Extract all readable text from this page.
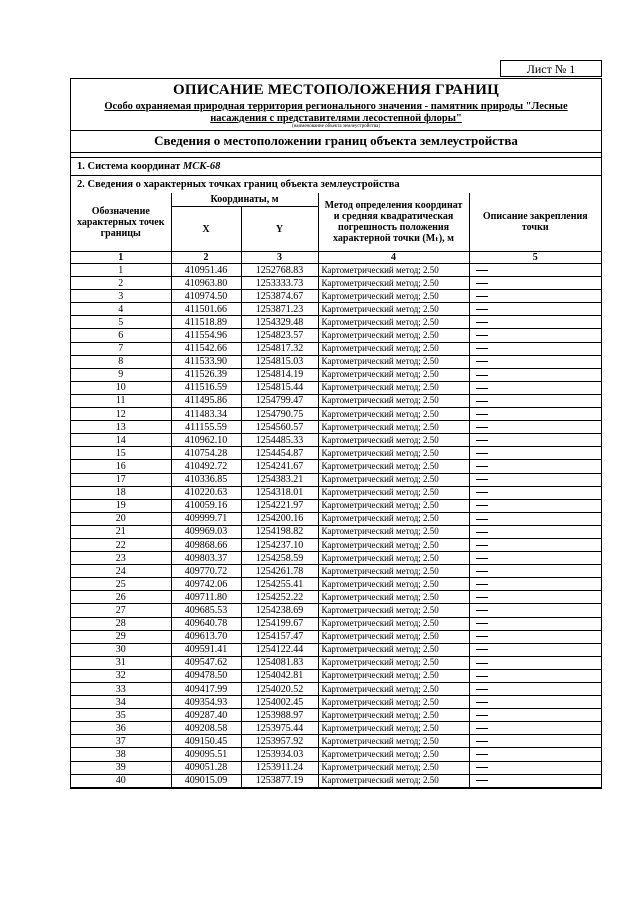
Лист № 1
ОПИСАНИЕ МЕСТОПОЛОЖЕНИЯ ГРАНИЦ
Особо охраняемая природная территория регионального значения - памятник природы "Лесные насаждения с представителями лесостепной флоры"
(наименование объекта землеустройства)
Сведения о местоположении границ объекта землеустройства
1. Система координат МСК-68
2. Сведения о характерных точках границ объекта землеустройства
Обозначение характерных точек границы	Координаты, м		Метод определения координат и средняя квадратическая погрешность положения характерной точки (Mₜ), м	Описание закрепления точки
	X	Y		
1	2	3	4	5
1	410951.46	1252768.83	Картометрический метод; 2.50	
2	410963.80	1253333.73	Картометрический метод; 2.50	
3	410974.50	1253874.67	Картометрический метод; 2.50	
4	411501.66	1253871.23	Картометрический метод; 2.50	
5	411518.89	1254329.48	Картометрический метод; 2.50	
6	411554.96	1254823.57	Картометрический метод; 2.50	
7	411542.66	1254817.32	Картометрический метод; 2.50	
8	411533.90	1254815.03	Картометрический метод; 2.50	
9	411526.39	1254814.19	Картометрический метод; 2.50	
10	411516.59	1254815.44	Картометрический метод; 2.50	
11	411495.86	1254799.47	Картометрический метод; 2.50	
12	411483.34	1254790.75	Картометрический метод; 2.50	
13	411155.59	1254560.57	Картометрический метод; 2.50	
14	410962.10	1254485.33	Картометрический метод; 2.50	
15	410754.28	1254454.87	Картометрический метод; 2.50	
16	410492.72	1254241.67	Картометрический метод; 2.50	
17	410336.85	1254383.21	Картометрический метод; 2.50	
18	410220.63	1254318.01	Картометрический метод; 2.50	
19	410059.16	1254221.97	Картометрический метод; 2.50	
20	409999.71	1254200.16	Картометрический метод; 2.50	
21	409969.03	1254198.82	Картометрический метод; 2.50	
22	409868.66	1254237.10	Картометрический метод; 2.50	
23	409803.37	1254258.59	Картометрический метод; 2.50	
24	409770.72	1254261.78	Картометрический метод; 2.50	
25	409742.06	1254255.41	Картометрический метод; 2.50	
26	409711.80	1254252.22	Картометрический метод; 2.50	
27	409685.53	1254238.69	Картометрический метод; 2.50	
28	409640.78	1254199.67	Картометрический метод; 2.50	
29	409613.70	1254157.47	Картометрический метод; 2.50	
30	409591.41	1254122.44	Картометрический метод; 2.50	
31	409547.62	1254081.83	Картометрический метод; 2.50	
32	409478.50	1254042.81	Картометрический метод; 2.50	
33	409417.99	1254020.52	Картометрический метод; 2.50	
34	409354.93	1254002.45	Картометрический метод; 2.50	
35	409287.40	1253988.97	Картометрический метод; 2.50	
36	409208.58	1253975.44	Картометрический метод; 2.50	
37	409150.45	1253957.92	Картометрический метод; 2.50	
38	409095.51	1253934.03	Картометрический метод; 2.50	
39	409051.28	1253911.24	Картометрический метод; 2.50	
40	409015.09	1253877.19	Картометрический метод; 2.50	
